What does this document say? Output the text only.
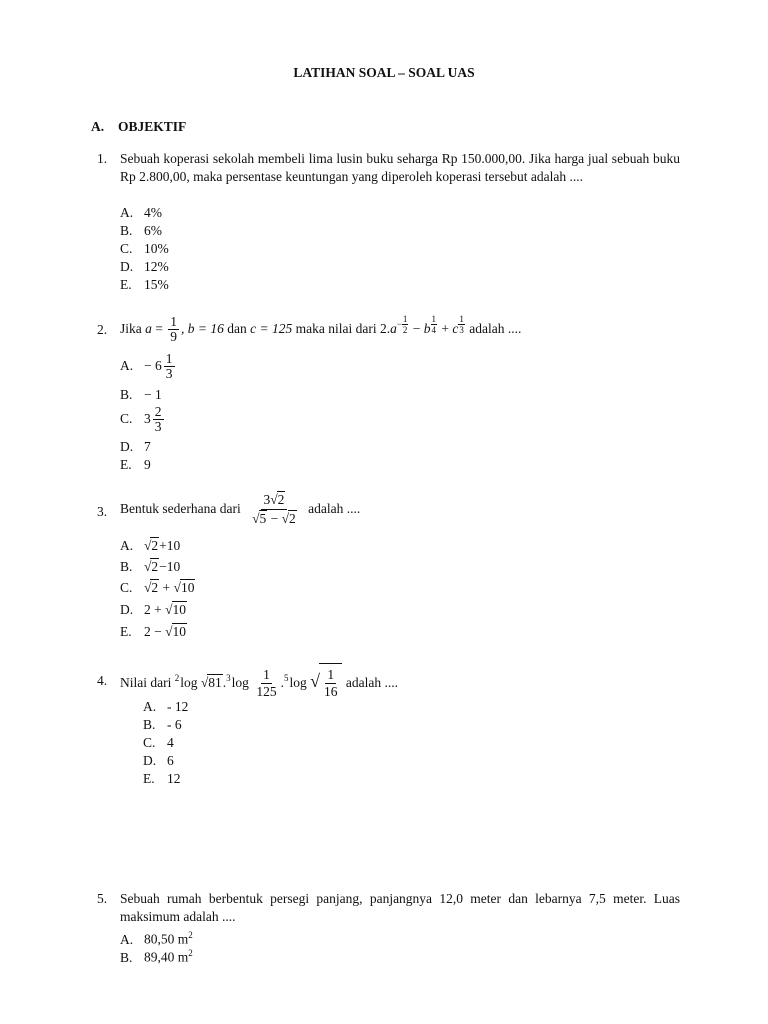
LATIHAN SOAL – SOAL UAS
A. OBJEKTIF
1. Sebuah koperasi sekolah membeli lima lusin buku seharga Rp 150.000,00. Jika harga jual sebuah buku Rp 2.800,00, maka persentase keuntungan yang diperoleh koperasi tersebut adalah ....
A. 4%
B. 6%
C. 10%
D. 12%
E. 15%
2. Jika $a = \frac{1}{9}$ , b = 16 dan c = 125 maka nilai dari $2.a^{- \frac{1}{2}} - b$ $^{\frac{1}{4}}$ + c $^{\frac{1}{3}}$ adalah ....
A. − $6 \frac{1}{3}$
B. − 1
C. $3 \frac{2}{3}$
D. 7
E. 9
3. Bentuk sederhana dari $\frac{3√2}{√5 - √2}$ adalah ....
A. √2+10
B. √2−10
C. √2 + √10
D. 2 + √10
E. 2 − √10
4. Nilai dari $^2$log $√81.^3\log \frac{1}{125} .^5\log$ √ $\frac{1}{16}$ adalah ....
A. - 12
B. - 6
C. 4
D. 6
E. 12
5. Sebuah rumah berbentuk persegi panjang, panjangnya 12,0 meter dan lebarnya 7,5 meter. Luas maksimum adalah ....
A. 80,50 $m^2$
B. 89,40 $m^2$
